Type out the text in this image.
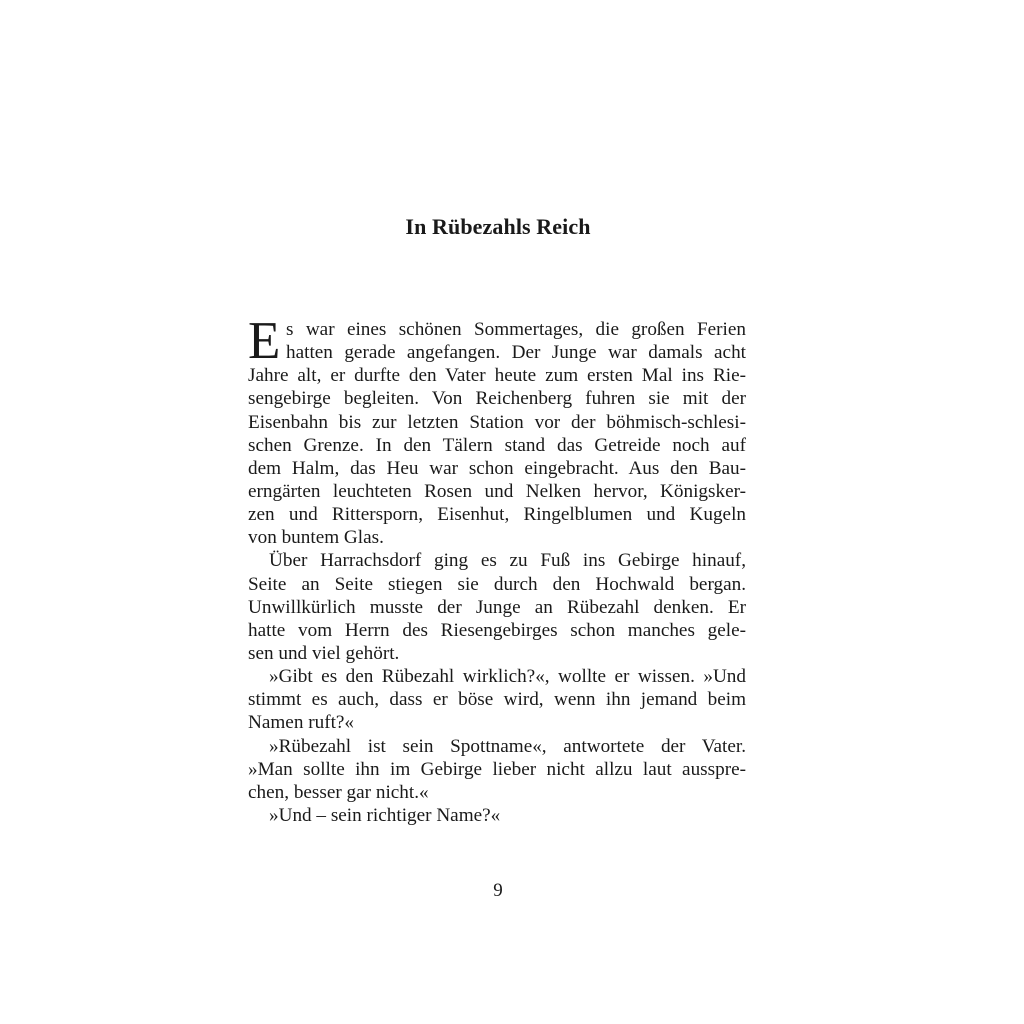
In Rübezahls Reich
E s war eines schönen Sommertages, die großen Ferien
hatten gerade angefangen. Der Junge war damals acht
Jahre alt, er durfte den Vater heute zum ersten Mal ins Rie-
sengebirge begleiten. Von Reichenberg fuhren sie mit der
Eisenbahn bis zur letzten Station vor der böhmisch-schlesi-
schen Grenze. In den Tälern stand das Getreide noch auf
dem Halm, das Heu war schon eingebracht. Aus den Bau-
erngärten leuchteten Rosen und Nelken hervor, Königsker-
zen und Rittersporn, Eisenhut, Ringelblumen und Kugeln
von buntem Glas.
Über Harrachsdorf ging es zu Fuß ins Gebirge hinauf,
Seite an Seite stiegen sie durch den Hochwald bergan.
Unwillkürlich musste der Junge an Rübezahl denken. Er
hatte vom Herrn des Riesengebirges schon manches gele-
sen und viel gehört.
»Gibt es den Rübezahl wirklich?«, wollte er wissen. »Und
stimmt es auch, dass er böse wird, wenn ihn jemand beim
Namen ruft?«
»Rübezahl ist sein Spottname«, antwortete der Vater.
»Man sollte ihn im Gebirge lieber nicht allzu laut ausspre-
chen, besser gar nicht.«
»Und – sein richtiger Name?«
9
